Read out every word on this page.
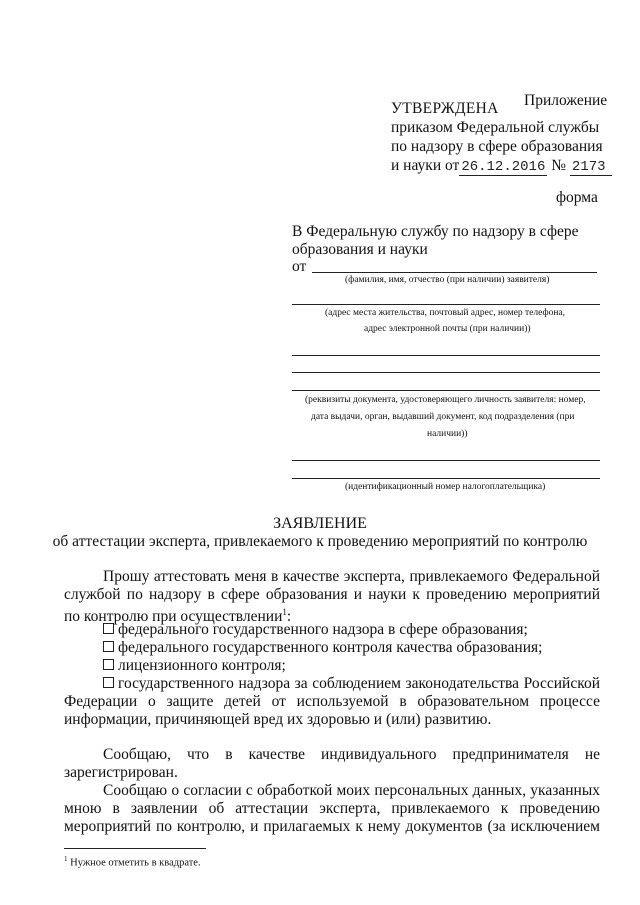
Приложение
УТВЕРЖДЕНА
приказом Федеральной службы
по надзору в сфере образования
и науки от 26.12.2016 № 2173
форма
В Федеральную службу по надзору в сфере
образования и науки
от
(фамилия, имя, отчество (при наличии) заявителя)
(адрес места жительства, почтовый адрес, номер телефона,
адрес электронной почты (при наличии))
(реквизиты документа, удостоверяющего личность заявителя: номер,
дата выдачи, орган, выдавший документ, код подразделения (при
наличии))
(идентификационный номер налогоплательщика)
ЗАЯВЛЕНИЕ
об аттестации эксперта, привлекаемого к проведению мероприятий по контролю
Прошу аттестовать меня в качестве эксперта, привлекаемого Федеральной
службой по надзору в сфере образования и науки к проведению мероприятий
по контролю при осуществлении$^1$:
федерального государственного надзора в сфере образования;
федерального государственного контроля качества образования;
лицензионного контроля;
государственного надзора за соблюдением законодательства Российской
Федерации о защите детей от используемой в образовательном процессе
информации, причиняющей вред их здоровью и (или) развитию.
Сообщаю, что в качестве индивидуального предпринимателя не
зарегистрирован.
Сообщаю о согласии с обработкой моих персональных данных, указанных
мною в заявлении об аттестации эксперта, привлекаемого к проведению
мероприятий по контролю, и прилагаемых к нему документов (за исключением
$^1$ Нужное отметить в квадрате.
